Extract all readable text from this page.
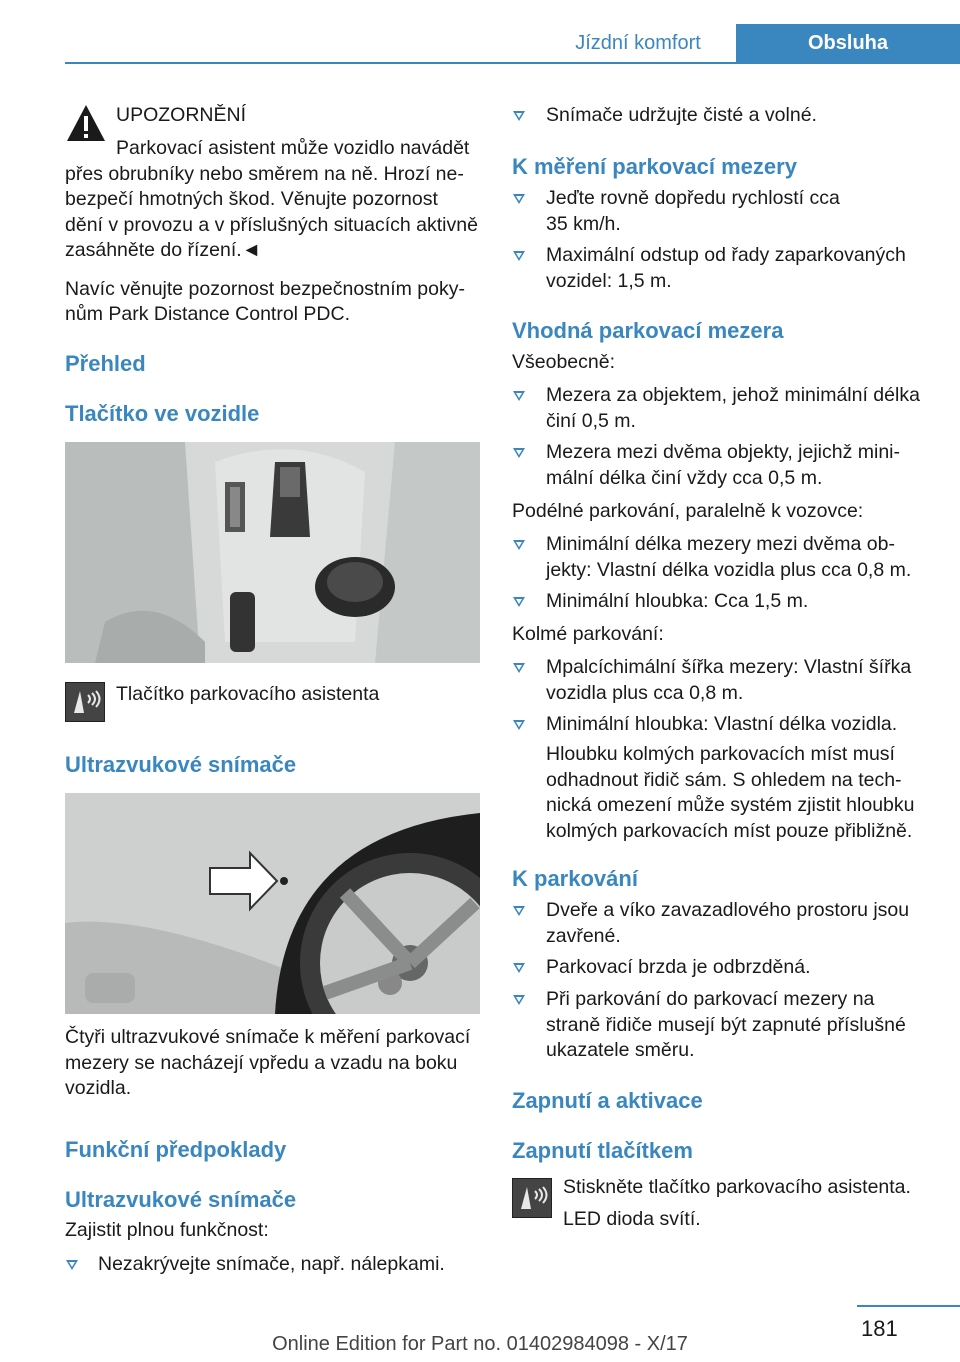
Jízdní komfort	Obsluha
UPOZORNĚNÍ
Parkovací asistent může vozidlo navádět
přes obrubníky nebo směrem na ně. Hrozí ne-
bezpečí hmotných škod. Věnujte pozornost
dění v provozu a v příslušných situacích aktivně
zasáhněte do řízení.◄
Navíc věnujte pozornost bezpečnostním poky-
nům Park Distance Control PDC.
Přehled
Tlačítko ve vozidle
Tlačítko parkovacího asistenta
Ultrazvukové snímače
Čtyři ultrazvukové snímače k měření parkovací
mezery se nacházejí vpředu a vzadu na boku
vozidla.
Funkční předpoklady
Ultrazvukové snímače
Zajistit plnou funkčnost:
Nezakrývejte snímače, např. nálepkami.
Snímače udržujte čisté a volné.
K měření parkovací mezery
Jeďte rovně dopředu rychlostí cca
35 km/h.
Maximální odstup od řady zaparkovaných
vozidel: 1,5 m.
Vhodná parkovací mezera
Všeobecně:
Mezera za objektem, jehož minimální délka
činí 0,5 m.
Mezera mezi dvěma objekty, jejichž mini-
mální délka činí vždy cca 0,5 m.
Podélné parkování, paralelně k vozovce:
Minimální délka mezery mezi dvěma ob-
jekty: Vlastní délka vozidla plus cca 0,8 m.
Minimální hloubka: Cca 1,5 m.
Kolmé parkování:
Mpalcíchimální šířka mezery: Vlastní šířka
vozidla plus cca 0,8 m.
Minimální hloubka: Vlastní délka vozidla.
Hloubku kolmých parkovacích míst musí
odhadnout řidič sám. S ohledem na tech-
nická omezení může systém zjistit hloubku
kolmých parkovacích míst pouze přibližně.
K parkování
Dveře a víko zavazadlového prostoru jsou
zavřené.
Parkovací brzda je odbrzděná.
Při parkování do parkovací mezery na
straně řidiče musejí být zapnuté příslušné
ukazatele směru.
Zapnutí a aktivace
Zapnutí tlačítkem
Stiskněte tlačítko parkovacího asistenta.
LED dioda svítí.
181
Online Edition for Part no. 01402984098 - X/17
